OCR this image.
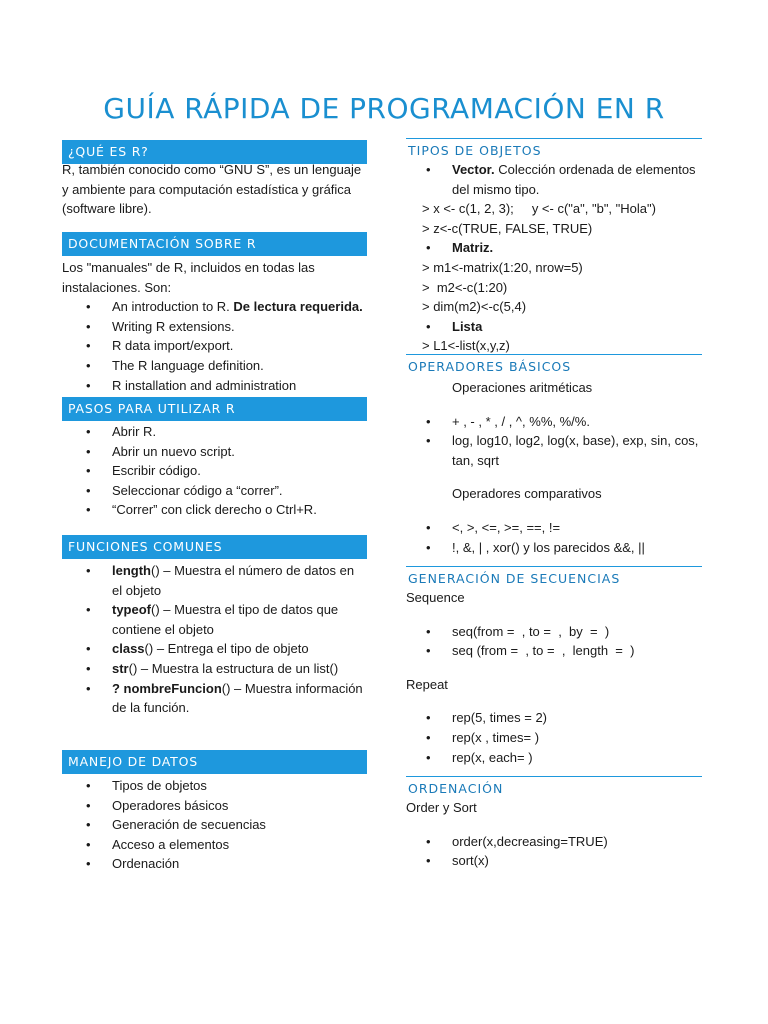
GUÍA RÁPIDA DE PROGRAMACIÓN EN R
¿QUÉ ES R?

R, también conocido como “GNU S”, es un lenguaje y ambiente para computación estadística y gráfica (software libre).

DOCUMENTACIÓN SOBRE R

Los "manuales" de R, incluidos en todas las instalaciones. Son:

• An introduction to R. De lectura requerida.
• Writing R extensions.
• R data import/export.
• The R language definition.
• R installation and administration
PASOS PARA UTILIZAR R
• Abrir R.
• Abrir un nuevo script.
• Escribir código.
• Seleccionar código a “correr”.
• “Correr” con click derecho o Ctrl+R.
FUNCIONES COMUNES
• length() – Muestra el número de datos en el objeto
• typeof() – Muestra el tipo de datos que contiene el objeto
• class() – Entrega el tipo de objeto
• str() – Muestra la estructura de un list()
• ? nombreFuncion() – Muestra información de la función.
MANEJO DE DATOS
• Tipos de objetos
• Operadores básicos
• Generación de secuencias
• Acceso a elementos
• Ordenación
TIPOS DE OBJETOS
• Vector. Colección ordenada de elementos del mismo tipo.
> x <- c(1, 2, 3);     y <- c("a", "b", "Hola")
> z<-c(TRUE, FALSE, TRUE)
• Matriz.
> m1<-matrix(1:20, nrow=5)
>  m2<-c(1:20)
> dim(m2)<-c(5,4)
• Lista
> L1<-list(x,y,z)
OPERADORES BÁSICOS
Operaciones aritméticas
• + , - , * , / , ^, %%, %/%.
• log, log10, log2, log(x, base), exp, sin, cos, tan, sqrt
Operadores comparativos
• <, >, <=, >=, ==, !=
• !, &, | , xor() y los parecidos &&, ||
GENERACIÓN DE SECUENCIAS
Sequence
• seq(from =  , to =  ,  by  =  )
• seq (from =  , to =  ,  length  =  )
Repeat
• rep(5, times = 2)
• rep(x , times= )
• rep(x, each= )
ORDENACIÓN
Order y Sort
• order(x,decreasing=TRUE)
• sort(x)
